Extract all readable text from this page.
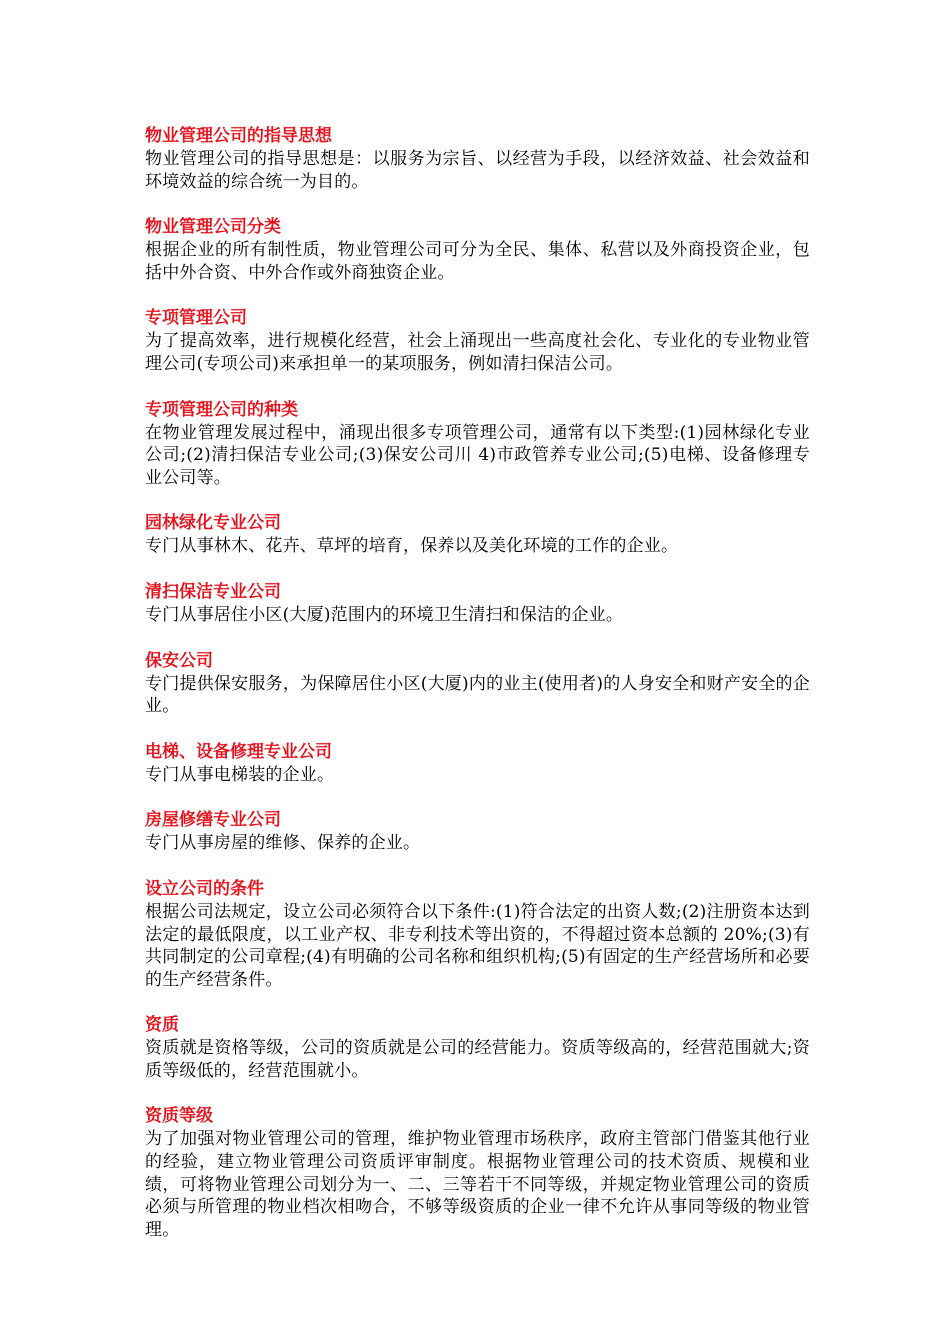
物业管理公司的指导思想

物业管理公司的指导思想是：以服务为宗旨、以经营为手段，以经济效益、社会效益和环境效益的综合统一为目的。

物业管理公司分类

根据企业的所有制性质，物业管理公司可分为全民、集体、私营以及外商投资企业，包括中外合资、中外合作或外商独资企业。

专项管理公司

为了提高效率，进行规模化经营，社会上涌现出一些高度社会化、专业化的专业物业管理公司(专项公司)来承担单一的某项服务，例如清扫保洁公司。

专项管理公司的种类

在物业管理发展过程中，涌现出很多专项管理公司，通常有以下类型:(1)园林绿化专业公司;(2)清扫保洁专业公司;(3)保安公司川 4)市政管养专业公司;(5)电梯、设备修理专业公司等。

园林绿化专业公司

专门从事林木、花卉、草坪的培育，保养以及美化环境的工作的企业。

清扫保洁专业公司

专门从事居住小区(大厦)范围内的环境卫生清扫和保洁的企业。

保安公司

专门提供保安服务，为保障居住小区(大厦)内的业主(使用者)的人身安全和财产安全的企业。

电梯、设备修理专业公司

专门从事电梯装的企业。

房屋修缮专业公司

专门从事房屋的维修、保养的企业。

设立公司的条件

根据公司法规定，设立公司必须符合以下条件:(1)符合法定的出资人数;(2)注册资本达到法定的最低限度，以工业产权、非专利技术等出资的，不得超过资本总额的 20%;(3)有共同制定的公司章程;(4)有明确的公司名称和组织机构;(5)有固定的生产经营场所和必要的生产经营条件。

资质

资质就是资格等级，公司的资质就是公司的经营能力。资质等级高的，经营范围就大;资质等级低的，经营范围就小。

资质等级

为了加强对物业管理公司的管理，维护物业管理市场秩序，政府主管部门借鉴其他行业的经验，建立物业管理公司资质评审制度。根据物业管理公司的技术资质、规模和业绩，可将物业管理公司划分为一、二、三等若干不同等级，并规定物业管理公司的资质必须与所管理的物业档次相吻合，不够等级资质的企业一律不允许从事同等级的物业管理。
